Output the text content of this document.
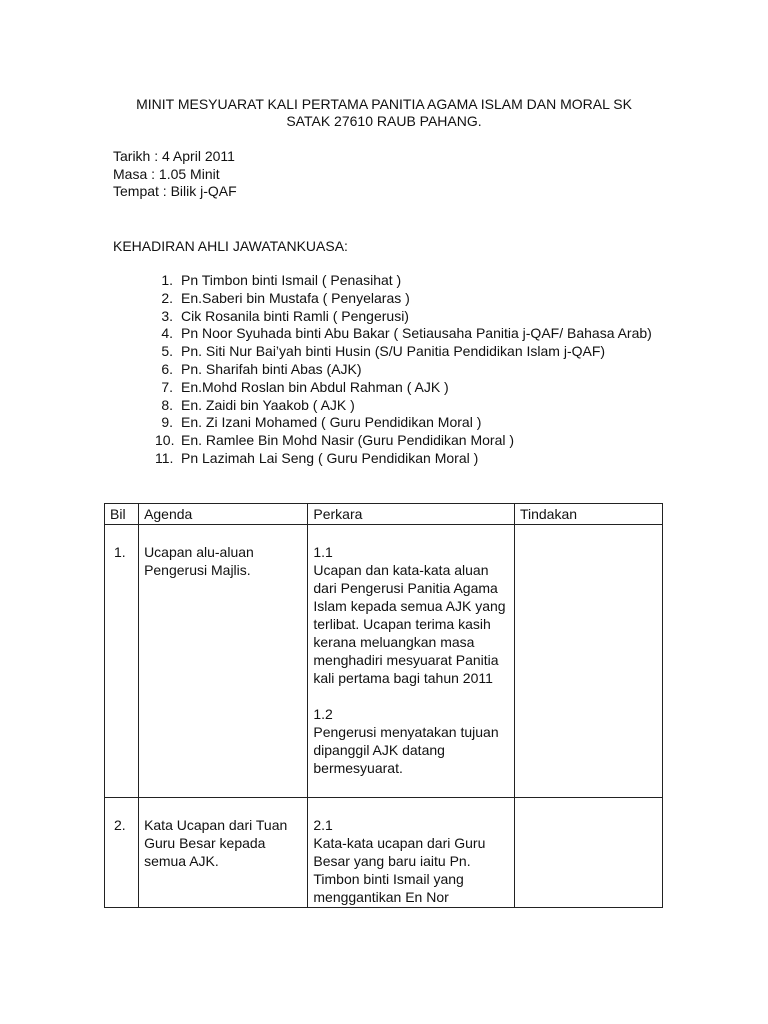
MINIT MESYUARAT KALI PERTAMA PANITIA AGAMA ISLAM DAN MORAL SK
SATAK 27610 RAUB PAHANG.
Tarikh : 4 April 2011
Masa : 1.05 Minit
Tempat : Bilik j-QAF
KEHADIRAN AHLI JAWATANKUASA:
1. Pn Timbon binti Ismail ( Penasihat )
2. En.Saberi bin Mustafa ( Penyelaras )
3. Cik Rosanila binti Ramli ( Pengerusi)
4. Pn Noor Syuhada binti Abu Bakar ( Setiausaha Panitia j-QAF/ Bahasa Arab)
5. Pn. Siti Nur Bai’yah binti Husin (S/U Panitia Pendidikan Islam j-QAF)
6. Pn. Sharifah binti Abas (AJK)
7. En.Mohd Roslan bin Abdul Rahman ( AJK )
8. En. Zaidi bin Yaakob ( AJK )
9. En. Zi Izani Mohamed ( Guru Pendidikan Moral )
10. En. Ramlee Bin Mohd Nasir (Guru Pendidikan Moral )
11. Pn Lazimah Lai Seng ( Guru Pendidikan Moral )
Bil	Agenda	Perkara	Tindakan

1.	Ucapan alu-aluan Pengerusi Majlis.	1.1

Ucapan dan kata-kata aluan dari Pengerusi Panitia Agama Islam kepada semua AJK yang terlibat. Ucapan terima kasih kerana meluangkan masa menghadiri mesyuarat Panitia kali pertama bagi tahun 2011

1.2

Pengerusi menyatakan tujuan dipanggil AJK datang bermesyuarat.	

2.	Kata Ucapan dari Tuan Guru Besar kepada semua AJK.	2.1

Kata-kata ucapan dari Guru Besar yang baru iaitu Pn. Timbon binti Ismail yang menggantikan En Nor	
